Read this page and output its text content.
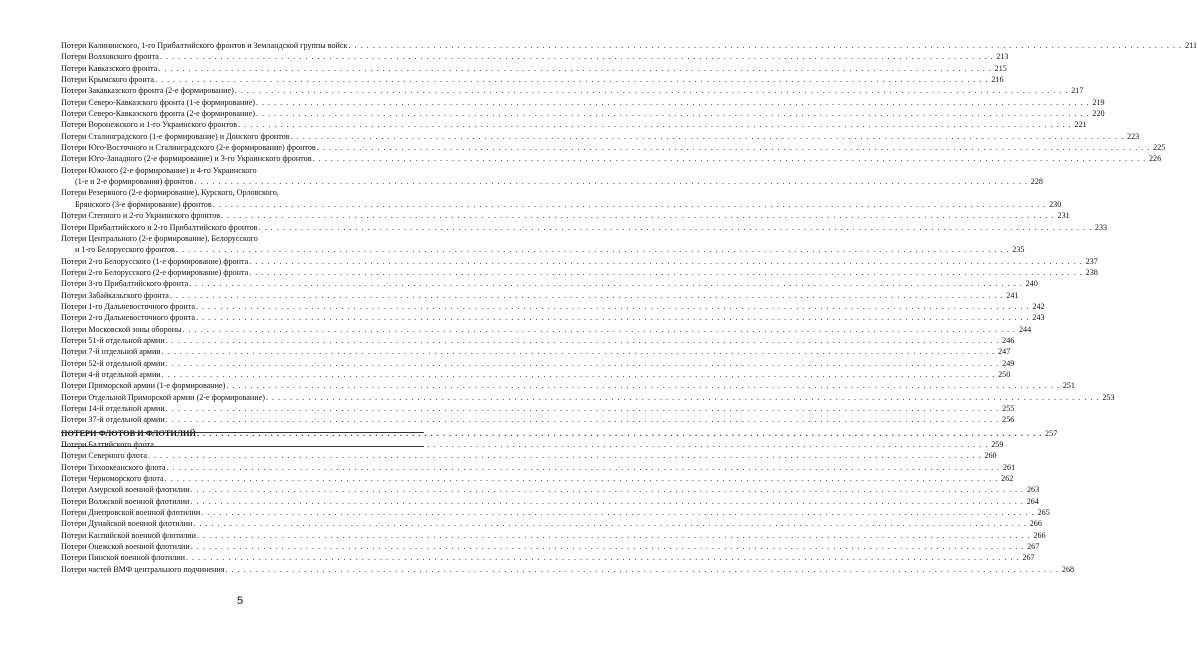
Потери Калининского, 1-го Прибалтийского фронтов и Земландской группы войск . . .	211
Потери Волховского фронта . . .	213
Потери Кавказского фронта . . .	215
Потери Крымского фронта . . .	216
Потери Закавказского фронта (2-е формирование) . . .	217
Потери Северо-Кавказского фронта (1-е формирование) . . .	219
Потери Северо-Кавказского фронта (2-е формирование) . . .	220
Потери Воронежского и 1-го Украинского фронтов . . .	221
Потери Сталинградского (1-е формирование) и Донского фронтов . . .	223
Потери Юго-Восточного и Сталинградского (2-е формирование) фронтов . . .	225
Потери Юго-Западного (2-е формирование) и 3-го Украинского фронтов . . .	226
Потери Южного (2-е формирование) и 4-го Украинского
(1-е и 2-е формирования) фронтов . . .	228
Потери Резервного (2-е формирование), Курского, Орловского,
Брянского (3-е формирование) фронтов . . .	230
Потери Степного и 2-го Украинского фронтов . . .	231
Потери Прибалтийского и 2-го Прибалтийского фронтов . . .	233
Потери Центрального (2-е формирование), Белорусского
и 1-го Белорусского фронтов . . .	235
Потери 2-го Белорусского (1-е формирование) фронта . . .	237
Потери 2-го Белорусского (2-е формирование) фронта . . .	238
Потери 3-го Прибалтийского фронта . . .	240
Потери Забайкальского фронта . . .	241
Потери 1-го Дальневосточного фронта . . .	242
Потери 2-го Дальневосточного фронта . . .	243
Потери Московской зоны обороны . . .	244
Потери 51-й отдельной армии . . .	246
Потери 7-й отдельной армии . . .	247
Потери 52-й отдельной армии . . .	249
Потери 4-й отдельной армии . . .	250
Потери Приморской армии (1-е формирование) . . .	251
Потери Отдельной Приморской армии (2-е формирование) . . .	253
Потери 14-й отдельной армии . . .	255
Потери 37-й отдельной армии . . .	256
ПОТЕРИ ФЛОТОВ И ФЛОТИЛИЙ . . .	257
Потери Балтийского флота . . .	259
Потери Северного флота . . .	260
Потери Тихоокеанского флота . . .	261
Потери Черноморского флота . . .	262
Потери Амурской военной флотилии . . .	263
Потери Волжской военной флотилии . . .	264
Потери Днепровской военной флотилии . . .	265
Потери Дунайской военной флотилии . . .	266
Потери Каспийской военной флотилии . . .	266
Потери Онежской военной флотилии . . .	267
Потери Пинской военной флотилии . . .	267
Потери частей ВМФ центрального подчинения . . .	268
5
